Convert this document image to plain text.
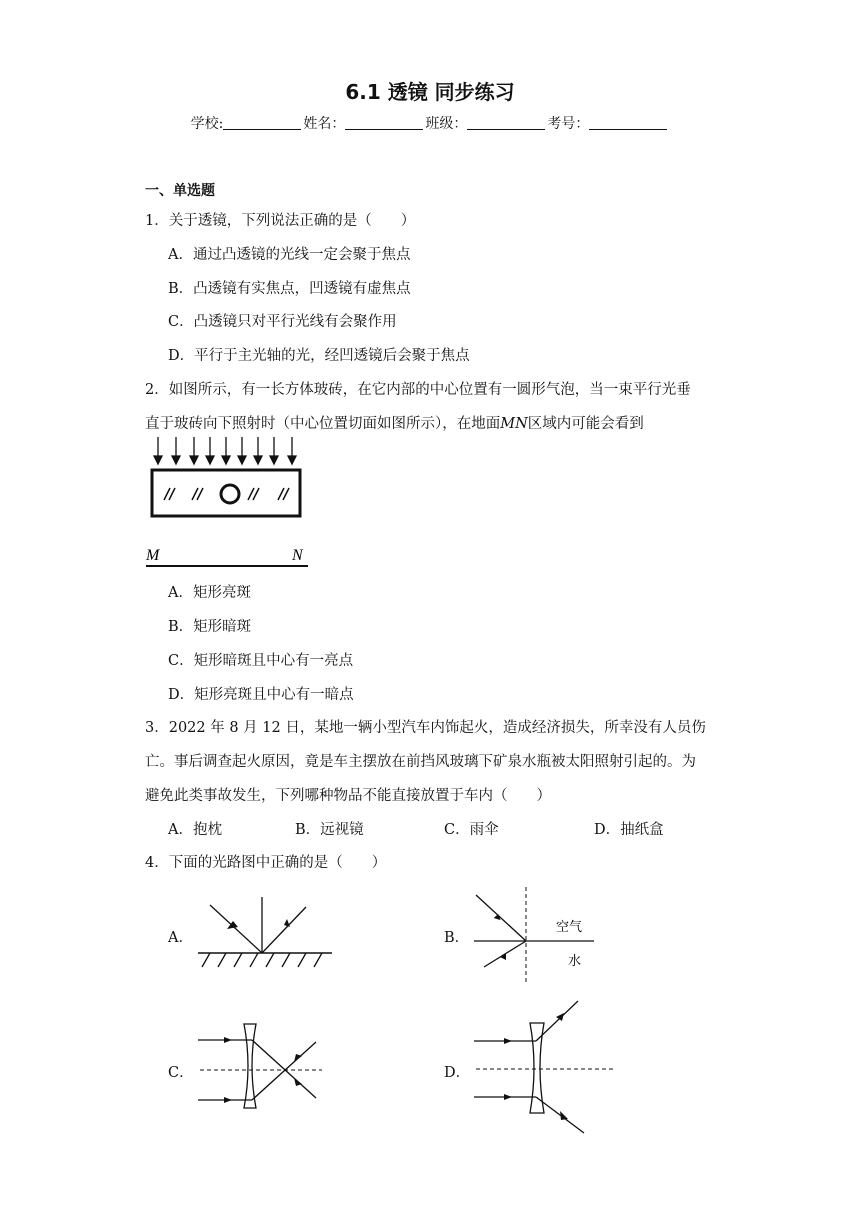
6.1 透镜 同步练习
学校:	姓名：	班级：	考号：
一、单选题
1．关于透镜，下列说法正确的是（　　）
A．通过凸透镜的光线一定会聚于焦点
B．凸透镜有实焦点，凹透镜有虚焦点
C．凸透镜只对平行光线有会聚作用
D．平行于主光轴的光，经凹透镜后会聚于焦点
2．如图所示，有一长方体玻砖，在它内部的中心位置有一圆形气泡，当一束平行光垂
直于玻砖向下照射时（中心位置切面如图所示），在地面MN区域内可能会看到
M	N
A．矩形亮斑
B．矩形暗斑
C．矩形暗斑且中心有一亮点
D．矩形亮斑且中心有一暗点
3．2022 年 8 月 12 日，某地一辆小型汽车内饰起火，造成经济损失，所幸没有人员伤
亡。事后调查起火原因，竟是车主摆放在前挡风玻璃下矿泉水瓶被太阳照射引起的。为
避免此类事故发生，下列哪种物品不能直接放置于车内（　　）
A．抱枕	B．远视镜	C．雨伞	D．抽纸盒
4．下面的光路图中正确的是（　　）
A．	B．
空气
水
C．	D．
